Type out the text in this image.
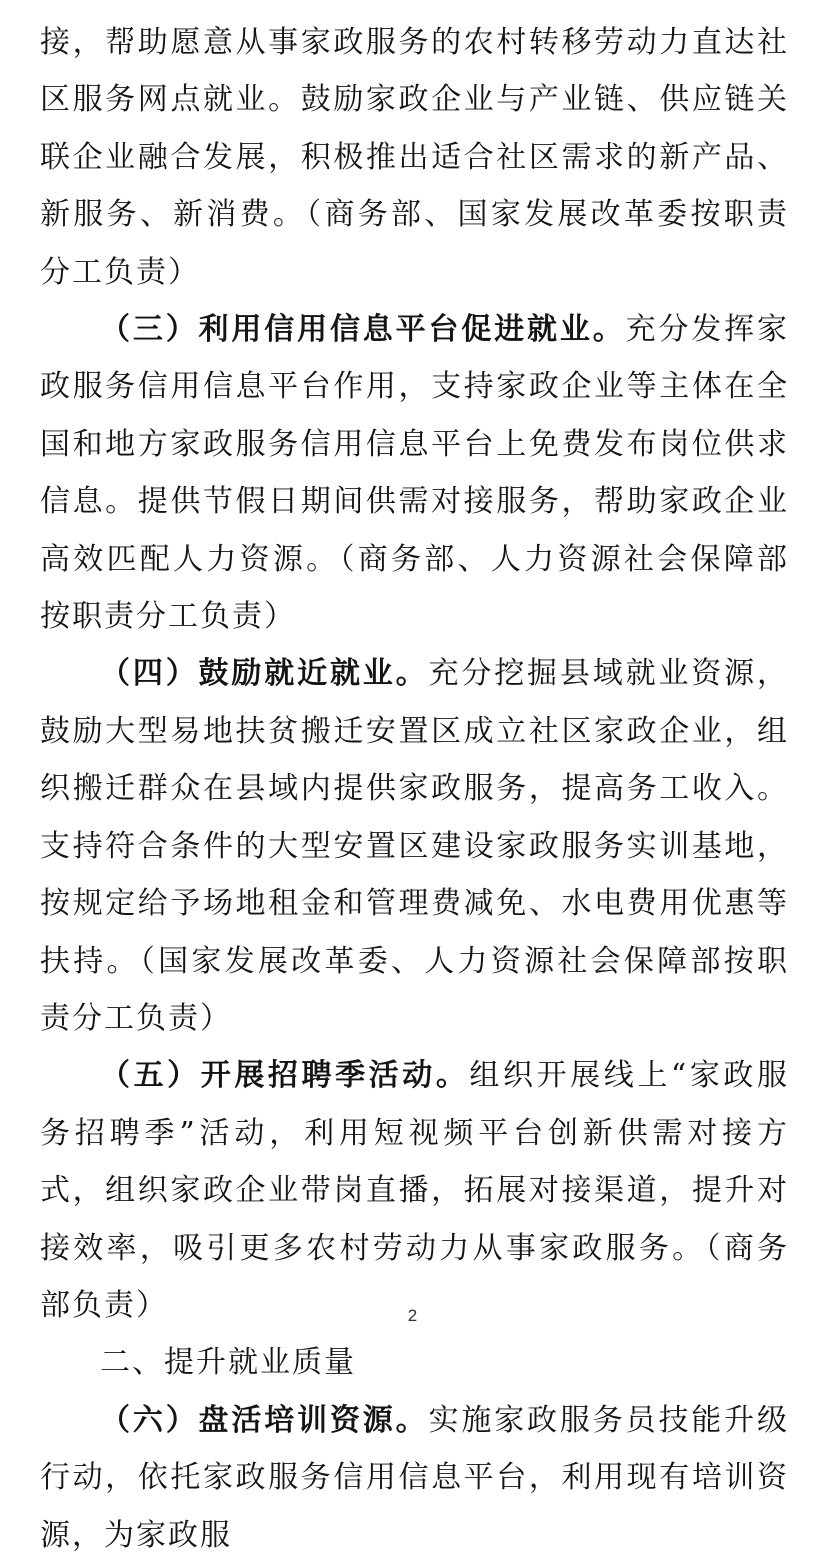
接，帮助愿意从事家政服务的农村转移劳动力直达社区服务网点就业。鼓励家政企业与产业链、供应链关联企业融合发展，积极推出适合社区需求的新产品、新服务、新消费。（商务部、国家发展改革委按职责分工负责）

（三）利用信用信息平台促进就业。充分发挥家政服务信用信息平台作用，支持家政企业等主体在全国和地方家政服务信用信息平台上免费发布岗位供求信息。提供节假日期间供需对接服务，帮助家政企业高效匹配人力资源。（商务部、人力资源社会保障部按职责分工负责）

（四）鼓励就近就业。充分挖掘县域就业资源，鼓励大型易地扶贫搬迁安置区成立社区家政企业，组织搬迁群众在县域内提供家政服务，提高务工收入。支持符合条件的大型安置区建设家政服务实训基地，按规定给予场地租金和管理费减免、水电费用优惠等扶持。（国家发展改革委、人力资源社会保障部按职责分工负责）

（五）开展招聘季活动。组织开展线上“家政服务招聘季”活动，利用短视频平台创新供需对接方式，组织家政企业带岗直播，拓展对接渠道，提升对接效率，吸引更多农村劳动力从事家政服务。（商务部负责）

二、提升就业质量

（六）盘活培训资源。实施家政服务员技能升级行动，依托家政服务信用信息平台，利用现有培训资源，为家政服

2
